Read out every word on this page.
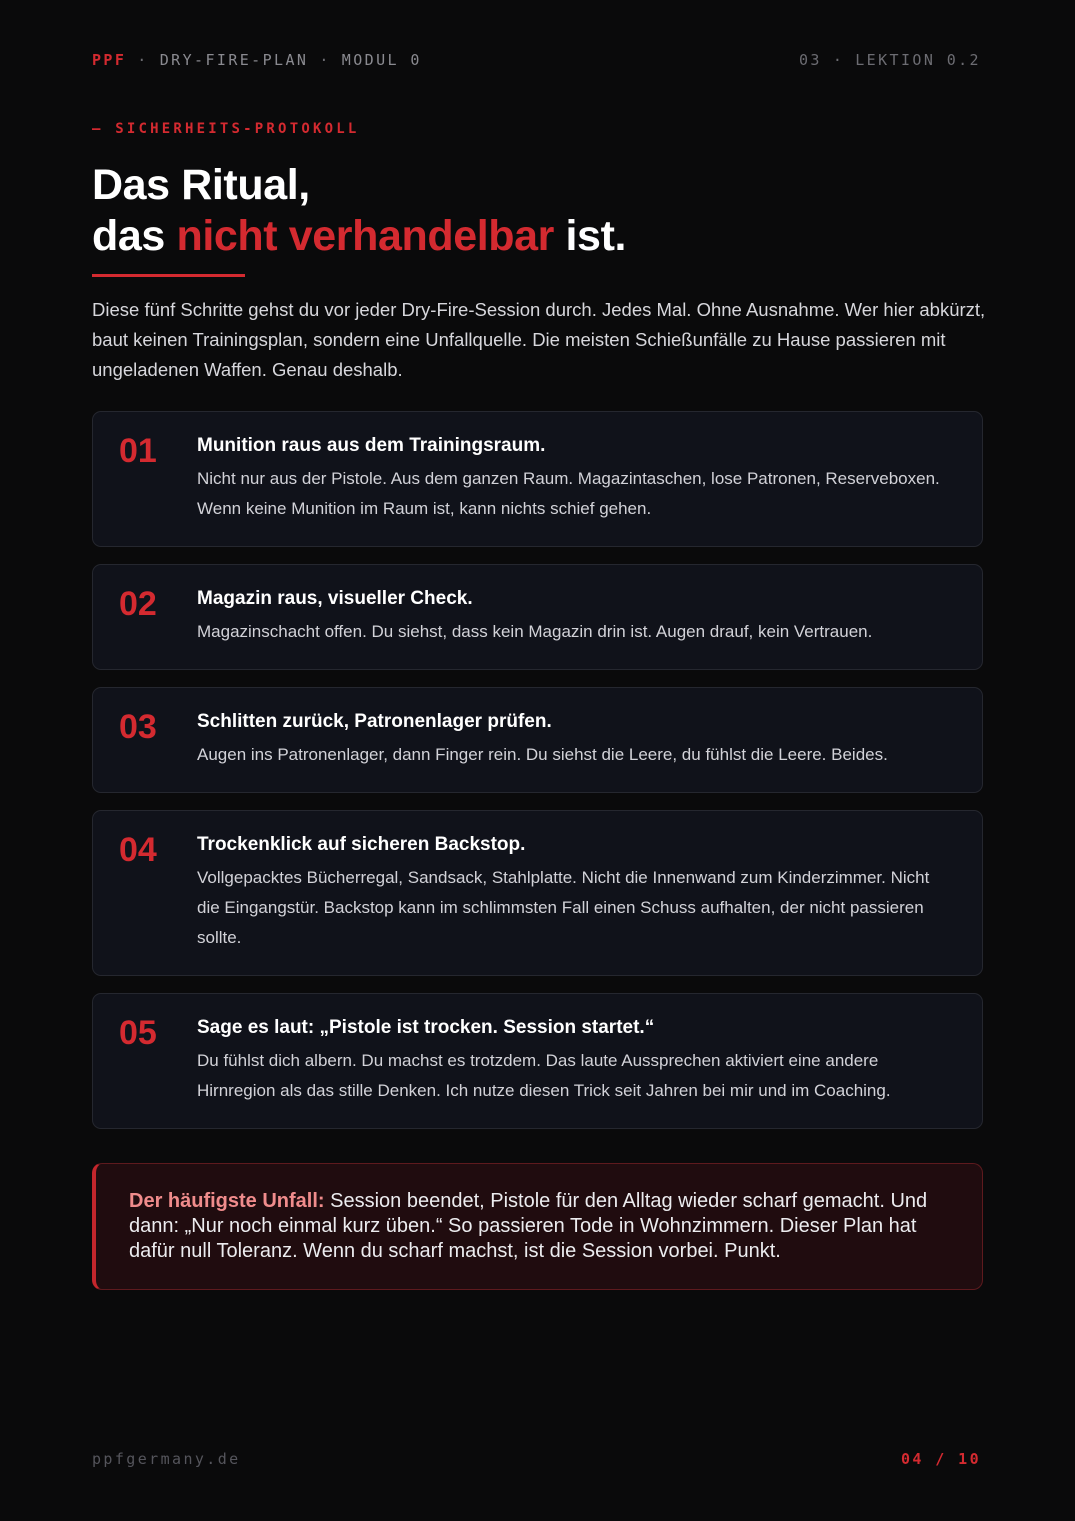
PPF · DRY-FIRE-PLAN · MODUL 0	03 · LEKTION 0.2
— SICHERHEITS-PROTOKOLL
Das Ritual,
das nicht verhandelbar ist.

Diese fünf Schritte gehst du vor jeder Dry-Fire-Session durch. Jedes Mal. Ohne Ausnahme. Wer hier abkürzt, baut keinen Trainingsplan, sondern eine Unfallquelle. Die meisten Schießunfälle zu Hause passieren mit ungeladenen Waffen. Genau deshalb.

01 Munition raus aus dem Trainingsraum.

Nicht nur aus der Pistole. Aus dem ganzen Raum. Magazintaschen, lose Patronen, Reserveboxen. Wenn keine Munition im Raum ist, kann nichts schief gehen.

02 Magazin raus, visueller Check.

Magazinschacht offen. Du siehst, dass kein Magazin drin ist. Augen drauf, kein Vertrauen.

03 Schlitten zurück, Patronenlager prüfen.

Augen ins Patronenlager, dann Finger rein. Du siehst die Leere, du fühlst die Leere. Beides.

04 Trockenklick auf sicheren Backstop.

Vollgepacktes Bücherregal, Sandsack, Stahlplatte. Nicht die Innenwand zum Kinderzimmer. Nicht die Eingangstür. Backstop kann im schlimmsten Fall einen Schuss aufhalten, der nicht passieren sollte.

05 Sage es laut: „Pistole ist trocken. Session startet.“

Du fühlst dich albern. Du machst es trotzdem. Das laute Aussprechen aktiviert eine andere Hirnregion als das stille Denken. Ich nutze diesen Trick seit Jahren bei mir und im Coaching.

Der häufigste Unfall: Session beendet, Pistole für den Alltag wieder scharf gemacht. Und dann: „Nur noch einmal kurz üben.“ So passieren Tode in Wohnzimmern. Dieser Plan hat dafür null Toleranz. Wenn du scharf machst, ist die Session vorbei. Punkt.
ppfgermany.de	04 / 10
